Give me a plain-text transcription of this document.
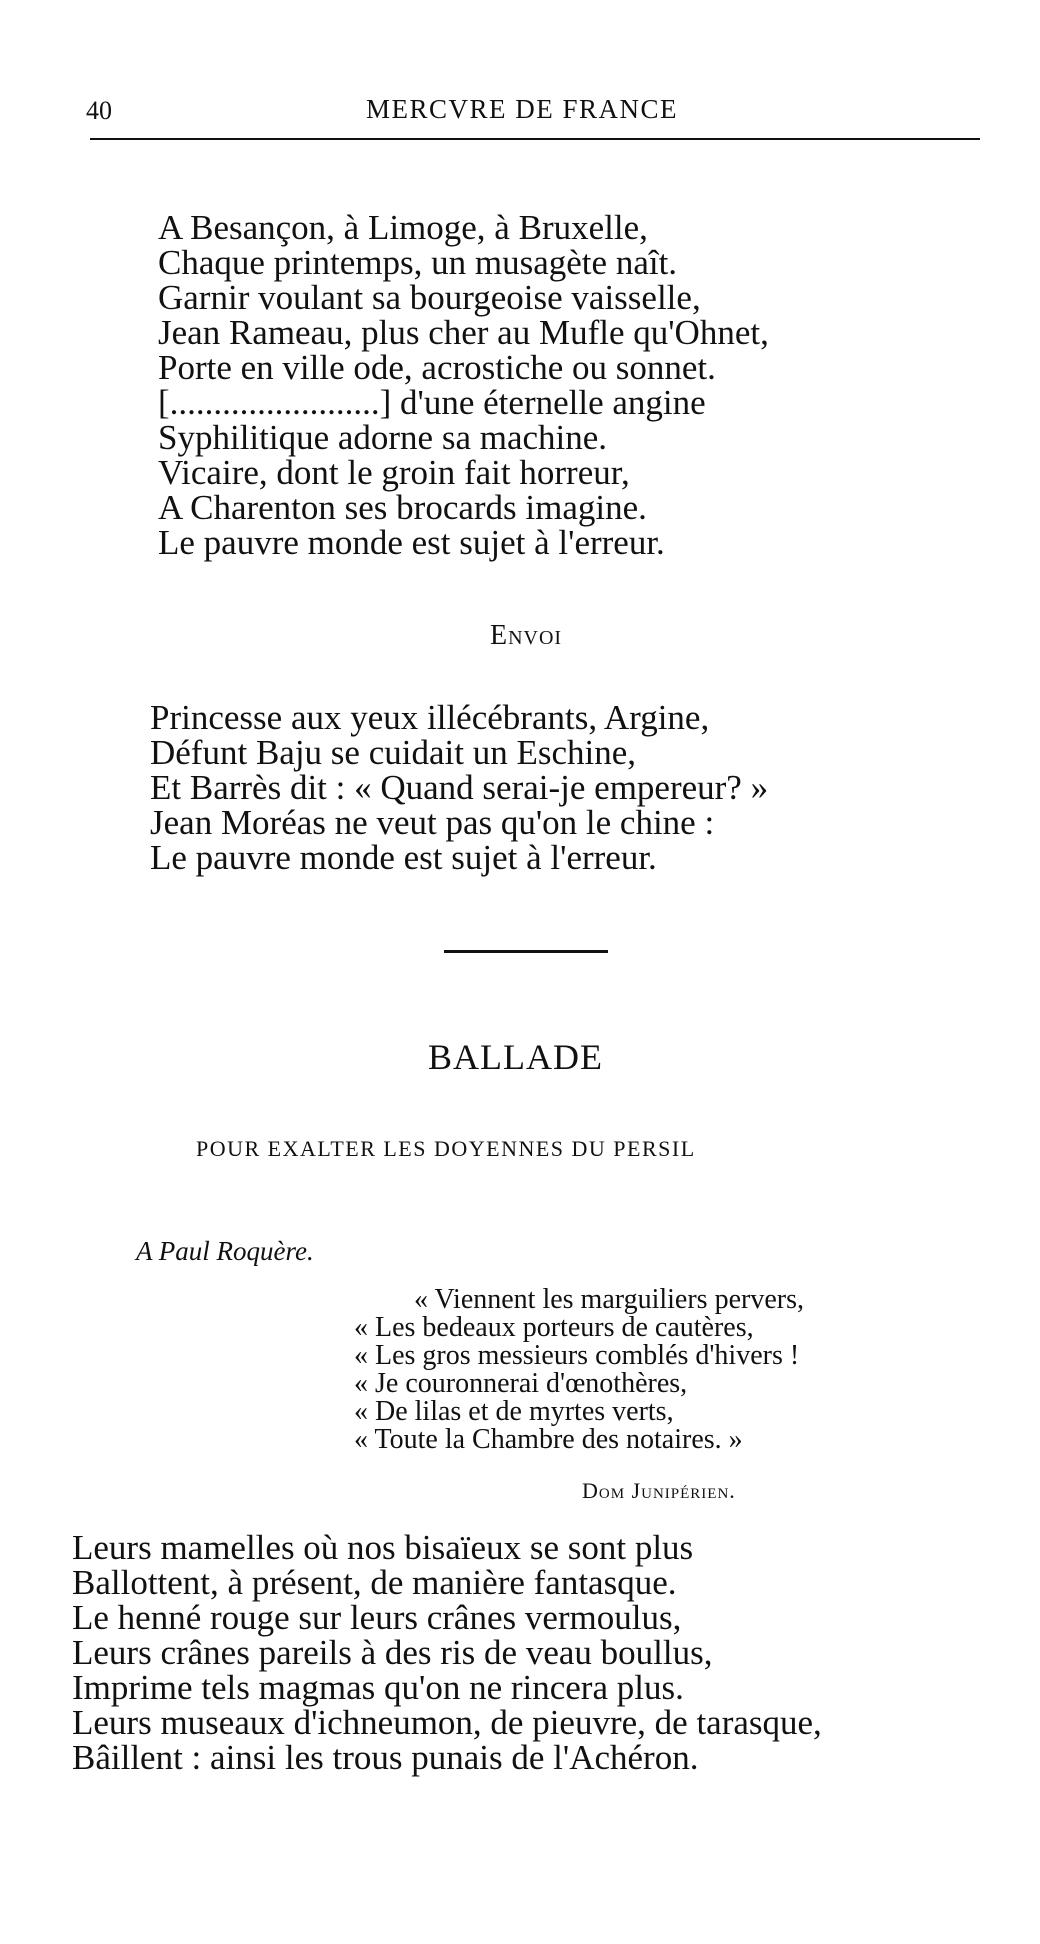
40	MERCVRE DE FRANCE
A Besançon, à Limoge, à Bruxelle,
Chaque printemps, un musagète naît.
Garnir voulant sa bourgeoise vaisselle,
Jean Rameau, plus cher au Mufle qu'Ohnet,
Porte en ville ode, acrostiche ou sonnet.
[........................] d'une éternelle angine
Syphilitique adorne sa machine.
Vicaire, dont le groin fait horreur,
A Charenton ses brocards imagine.
Le pauvre monde est sujet à l'erreur.
Envoi
Princesse aux yeux illécébrants, Argine,
Défunt Baju se cuidait un Eschine,
Et Barrès dit : « Quand serai-je empereur? »
Jean Moréas ne veut pas qu'on le chine :
Le pauvre monde est sujet à l'erreur.
BALLADE
POUR EXALTER LES DOYENNES DU PERSIL
A Paul Roquère.
« Viennent les marguiliers pervers,
« Les bedeaux porteurs de cautères,
« Les gros messieurs comblés d'hivers !
« Je couronnerai d'œnothères,
« De lilas et de myrtes verts,
« Toute la Chambre des notaires. »
Dom Junipérien.
Leurs mamelles où nos bisaïeux se sont plus
Ballottent, à présent, de manière fantasque.
Le henné rouge sur leurs crânes vermoulus,
Leurs crânes pareils à des ris de veau boullus,
Imprime tels magmas qu'on ne rincera plus.
Leurs museaux d'ichneumon, de pieuvre, de tarasque,
Bâillent : ainsi les trous punais de l'Achéron.
